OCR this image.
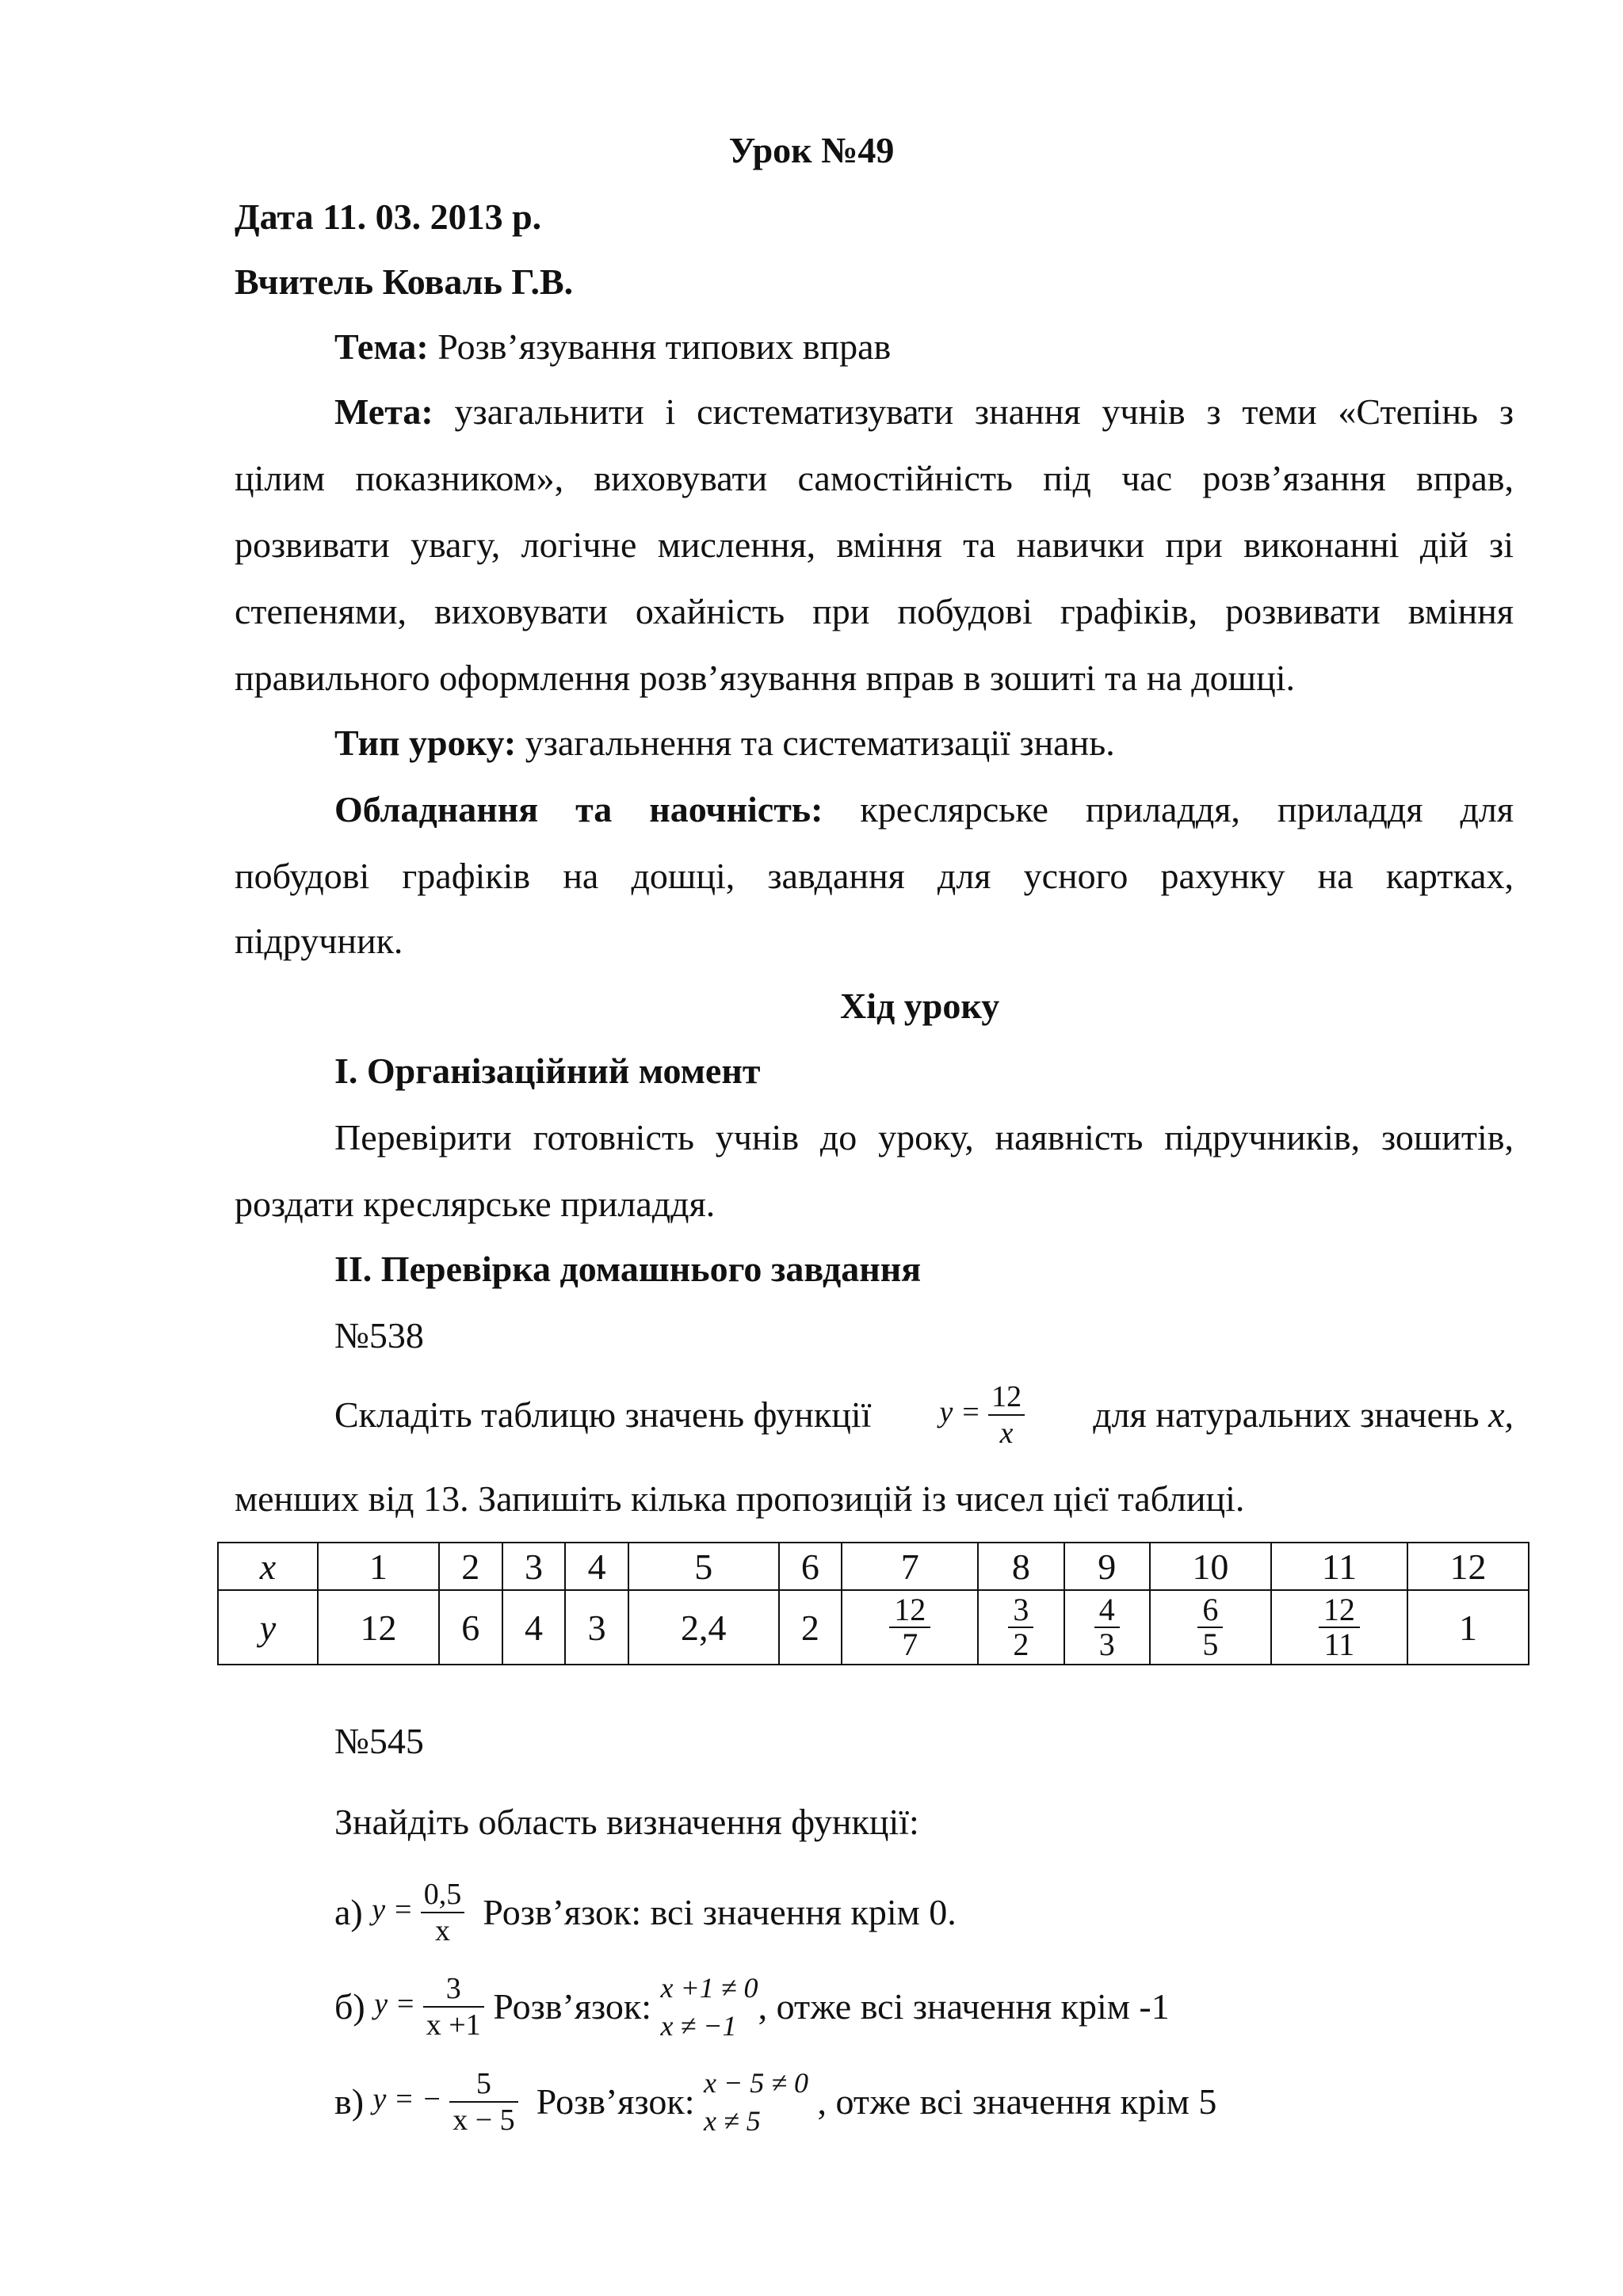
Урок №49
Дата 11. 03. 2013 р.
Вчитель Коваль Г.В.
Тема: Розв’язування типових вправ
Мета: узагальнити і систематизувати знання учнів з теми «Степінь з
цілим показником», виховувати самостійність під час розв’язання вправ,
розвивати увагу, логічне мислення, вміння та навички при виконанні дій зі
степенями, виховувати охайність при побудові графіків, розвивати вміння
правильного оформлення розв’язування вправ в зошиті та на дошці.
Тип уроку: узагальнення та систематизації знань.
Обладнання та наочність: креслярське приладдя, приладдя для
побудові графіків на дошці, завдання для усного рахунку на картках,
підручник.
Хід уроку
І. Організаційний момент
Перевірити готовність учнів до уроку, наявність підручників, зошитів,
роздати креслярське приладдя.
ІІ. Перевірка домашнього завдання
№538
Складіть таблицю значень функції $y = \frac{12}{x}$ для натуральних значень x,
менших від 13. Запишіть кілька пропозицій із чисел цієї таблиці.
x	1	2	3	4	5	6	7	8	9	10	11	12
y	12	6	4	3	2,4	2	$\frac{12}{7}$	$\frac{3}{2}$	$\frac{4}{3}$	$\frac{6}{5}$	$\frac{12}{11}$	1
№545
Знайдіть область визначення функції:
а)
$y = \frac{0,5}{x}$
Розв’язок: всі значення крім 0.
б)
$y = \frac{3}{x +1}$
Розв’язок:
x +1 ≠ 0
x ≠ −1 , отже всі значення крім -1
в)
y = − $\frac{5}{x - 5}$
Розв’язок:
x − 5 ≠ 0
x ≠ 5
	, отже всі значення крім 5
